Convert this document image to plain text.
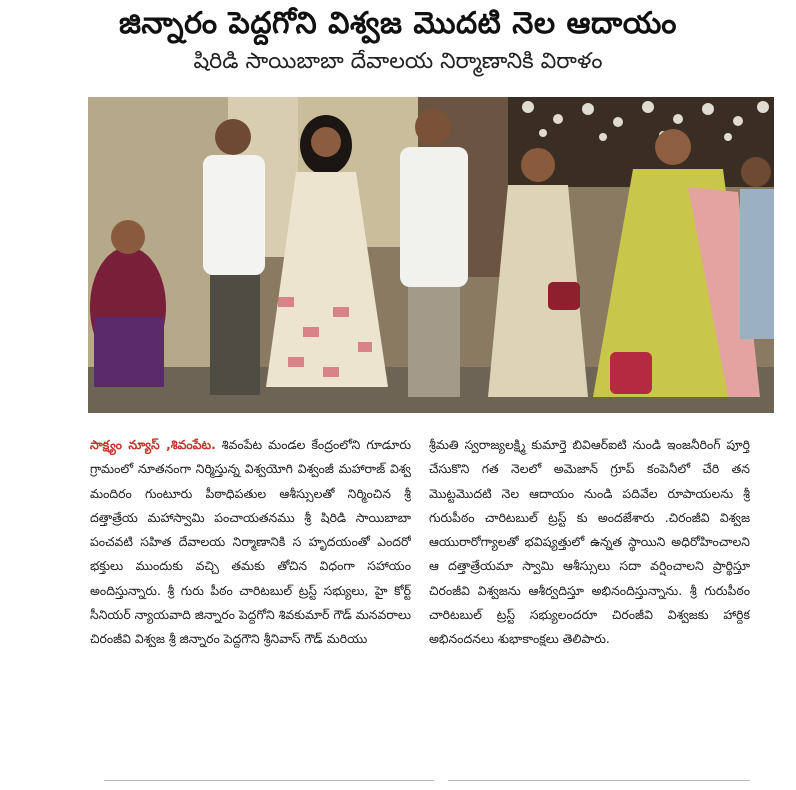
జిన్నారం పెద్దగోని విశ్వజ మొదటి నెల ఆదాయం
షిరిడి సాయిబాబా దేవాలయ నిర్మాణానికి విరాళం
సాక్ష్యం న్యూస్ ,శివంపేట. శివంపేట మండల కేంద్రంలోని గూడూరు గ్రామంలో నూతనంగా నిర్మిస్తున్న విశ్వయోగి విశ్వంజీ మహారాజ్ విశ్వ మందిరం గుంటూరు పీఠాధిపతుల ఆశీస్సులతో నిర్మించిన శ్రీ దత్తాత్రేయ మహాస్వామి పంచాయతనము శ్రీ షిరిడి సాయిబాబా పంచవటి సహిత దేవాలయ నిర్మాణానికి స హృదయంతో ఎందరో భక్తులు ముందుకు వచ్చి తమకు తోచిన విధంగా సహాయం అందిస్తున్నారు. శ్రీ గురు పీఠం చారిటబుల్ ట్రస్ట్ సభ్యులు, హై కోర్ట్ సీనియర్ న్యాయవాది జిన్నారం పెద్దగోని శివకుమార్ గౌడ్ మనవరాలు చిరంజీవి విశ్వజ శ్రీ జిన్నారం పెద్దగౌని శ్రీనివాస్ గౌడ్ మరియు
శ్రీమతి స్వరాజ్యలక్ష్మి కుమార్తె బివిఆర్ఐటి నుండి ఇంజనీరింగ్ పూర్తి చేసుకొని గత నెలలో అమెజాన్ గ్రూప్ కంపెనీలో చేరి తన మొట్టమొదటి నెల ఆదాయం నుండి పదివేల రూపాయలను శ్రీ గురుపీఠం చారిటబుల్ ట్రస్ట్ కు అందజేశారు .చిరంజీవి విశ్వజ ఆయురారోగ్యాలతో భవిష్యత్తులో ఉన్నత స్థాయిని అధిరోహించాలని ఆ దత్తాత్రేయమా స్వామి ఆశీస్సులు సదా వర్షించాలని ప్రార్థిస్తూ చిరంజీవి విశ్వజను ఆశీర్వదిస్తూ అభినందిస్తున్నాను. శ్రీ గురుపీఠం చారిటబుల్ ట్రస్ట్ సభ్యులందరూ చిరంజీవి విశ్వజకు హార్దిక అభినందనలు శుభాకాంక్షలు తెలిపారు.
